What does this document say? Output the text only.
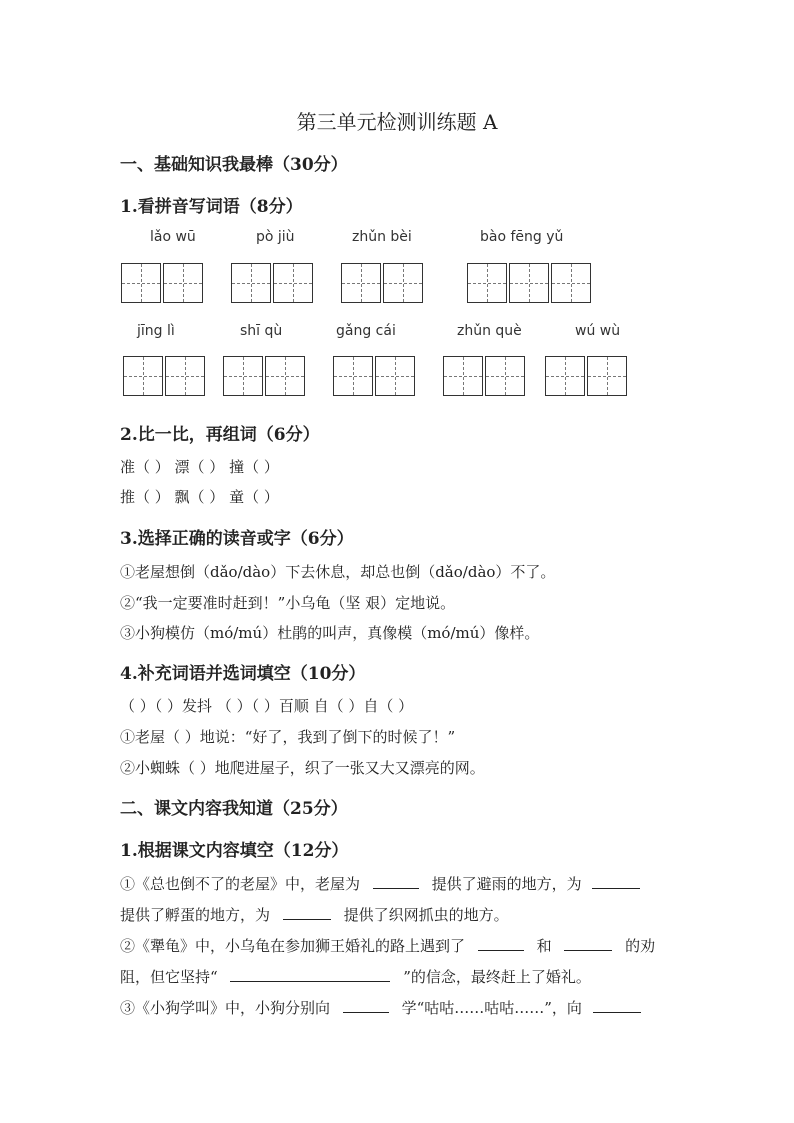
第三单元检测训练题 A
一、基础知识我最棒（30分）
1.看拼音写词语（8分）
lǎo wū	pò jiù	zhǔn bèi	bào fēng yǔ
jīng lì	shī qù	gǎng cái	zhǔn què	wú wù
2.比一比，再组词（6分）
准（ ） 漂（ ） 撞（ ）
推（ ） 飘（ ） 童（ ）
3.选择正确的读音或字（6分）
①老屋想倒（dǎo/dào）下去休息，却总也倒（dǎo/dào）不了。
②“我一定要准时赶到！”小乌龟（坚 艰）定地说。
③小狗模仿（mó/mú）杜鹃的叫声，真像模（mó/mú）像样。
4.补充词语并选词填空（10分）
（ ）（ ）发抖 （ ）（ ）百顺 自（ ）自（ ）
①老屋（ ）地说：“好了，我到了倒下的时候了！”
②小蜘蛛（ ）地爬进屋子，织了一张又大又漂亮的网。
二、课文内容我知道（25分）
1.根据课文内容填空（12分）
①《总也倒不了的老屋》中，老屋为	提供了避雨的地方，为
提供了孵蛋的地方，为	提供了织网抓虫的地方。
②《犟龟》中，小乌龟在参加狮王婚礼的路上遇到了	和	的劝
阻，但它坚持“	”的信念，最终赶上了婚礼。
③《小狗学叫》中，小狗分别向	学“咕咕……咕咕……”，向
